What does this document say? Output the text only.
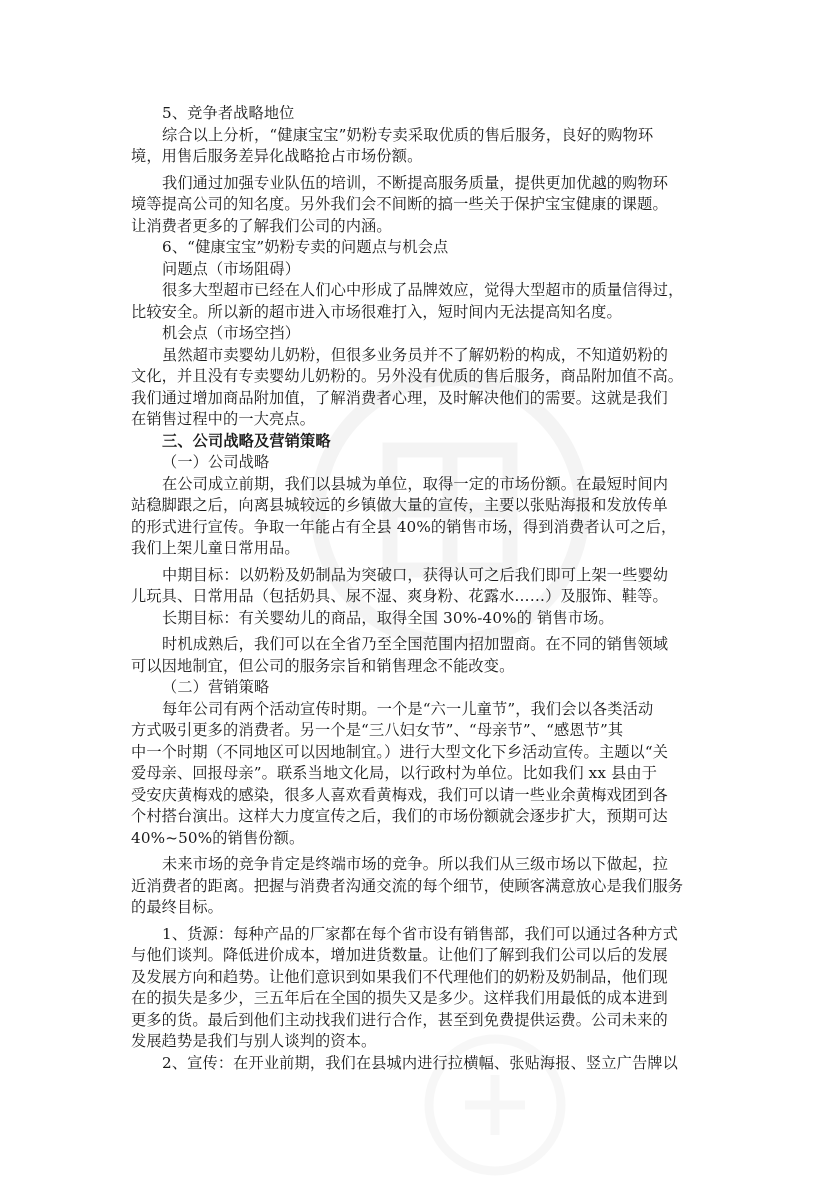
5、竞争者战略地位
综合以上分析，“健康宝宝”奶粉专卖采取优质的售后服务，良好的购物环
境，用售后服务差异化战略抢占市场份额。
我们通过加强专业队伍的培训，不断提高服务质量，提供更加优越的购物环
境等提高公司的知名度。另外我们会不间断的搞一些关于保护宝宝健康的课题。
让消费者更多的了解我们公司的内涵。
6、“健康宝宝”奶粉专卖的问题点与机会点
问题点（市场阻碍）
很多大型超市已经在人们心中形成了品牌效应，觉得大型超市的质量信得过，
比较安全。所以新的超市进入市场很难打入，短时间内无法提高知名度。
机会点（市场空挡）
虽然超市卖婴幼儿奶粉，但很多业务员并不了解奶粉的构成，不知道奶粉的
文化，并且没有专卖婴幼儿奶粉的。另外没有优质的售后服务，商品附加值不高。
我们通过增加商品附加值，了解消费者心理，及时解决他们的需要。这就是我们
在销售过程中的一大亮点。
三、公司战略及营销策略
（一）公司战略
在公司成立前期，我们以县城为单位，取得一定的市场份额。在最短时间内
站稳脚跟之后，向离县城较远的乡镇做大量的宣传，主要以张贴海报和发放传单
的形式进行宣传。争取一年能占有全县 40%的销售市场，得到消费者认可之后，
我们上架儿童日常用品。
中期目标：以奶粉及奶制品为突破口，获得认可之后我们即可上架一些婴幼
儿玩具、日常用品（包括奶具、尿不湿、爽身粉、花露水……）及服饰、鞋等。
长期目标：有关婴幼儿的商品，取得全国 30%-40%的 销售市场。
时机成熟后，我们可以在全省乃至全国范围内招加盟商。在不同的销售领域
可以因地制宜，但公司的服务宗旨和销售理念不能改变。
（二）营销策略
每年公司有两个活动宣传时期。一个是“六一儿童节”，我们会以各类活动
方式吸引更多的消费者。另一个是“三八妇女节”、“母亲节”、“感恩节”其
中一个时期（不同地区可以因地制宜。）进行大型文化下乡活动宣传。主题以“关
爱母亲、回报母亲”。联系当地文化局，以行政村为单位。比如我们 xx 县由于
受安庆黄梅戏的感染，很多人喜欢看黄梅戏，我们可以请一些业余黄梅戏团到各
个村搭台演出。这样大力度宣传之后，我们的市场份额就会逐步扩大，预期可达
40%~50%的销售份额。
未来市场的竞争肯定是终端市场的竞争。所以我们从三级市场以下做起，拉
近消费者的距离。把握与消费者沟通交流的每个细节，使顾客满意放心是我们服务
的最终目标。
1、货源：每种产品的厂家都在每个省市设有销售部，我们可以通过各种方式
与他们谈判。降低进价成本，增加进货数量。让他们了解到我们公司以后的发展
及发展方向和趋势。让他们意识到如果我们不代理他们的奶粉及奶制品，他们现
在的损失是多少，三五年后在全国的损失又是多少。这样我们用最低的成本进到
更多的货。最后到他们主动找我们进行合作，甚至到免费提供运费。公司未来的
发展趋势是我们与别人谈判的资本。
2、宣传：在开业前期，我们在县城内进行拉横幅、张贴海报、竖立广告牌以
